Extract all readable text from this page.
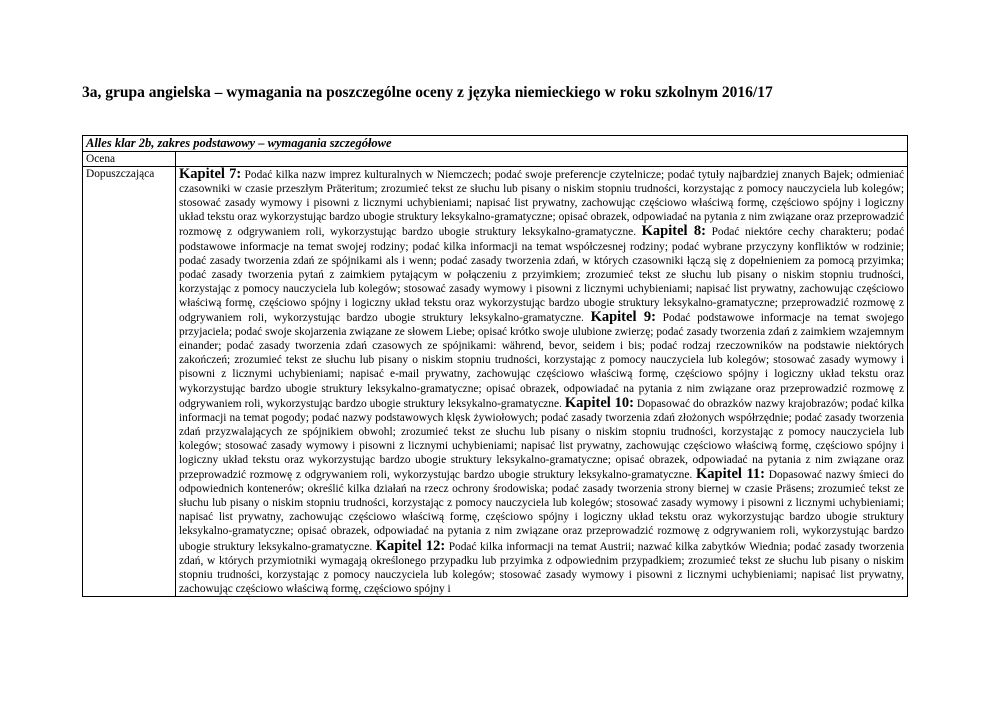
3a, grupa angielska – wymagania na poszczególne oceny z języka niemieckiego w roku szkolnym 2016/17
Alles klar 2b, zakres podstawowy – wymagania szczegółowe	
Ocena	
Dopuszczająca	Kapitel 7: Podać kilka nazw imprez kulturalnych w Niemczech; podać swoje preferencje czytelnicze; podać tytuły najbardziej znanych Bajek; odmieniać czasowniki w czasie przeszłym Präteritum; zrozumieć tekst ze słuchu lub pisany o niskim stopniu trudności, korzystając z pomocy nauczyciela lub kolegów; stosować zasady wymowy i pisowni z licznymi uchybieniami; napisać list prywatny, zachowując częściowo właściwą formę, częściowo spójny i logiczny układ tekstu oraz wykorzystując bardzo ubogie struktury leksykalno-gramatyczne; opisać obrazek, odpowiadać na pytania z nim związane oraz przeprowadzić rozmowę z odgrywaniem roli, wykorzystując bardzo ubogie struktury leksykalno-gramatyczne. Kapitel 8: Podać niektóre cechy charakteru; podać podstawowe informacje na temat swojej rodziny; podać kilka informacji na temat współczesnej rodziny; podać wybrane przyczyny konfliktów w rodzinie; podać zasady tworzenia zdań ze spójnikami als i wenn; podać zasady tworzenia zdań, w których czasowniki łączą się z dopełnieniem za pomocą przyimka; podać zasady tworzenia pytań z zaimkiem pytającym w połączeniu z przyimkiem; zrozumieć tekst ze słuchu lub pisany o niskim stopniu trudności, korzystając z pomocy nauczyciela lub kolegów; stosować zasady wymowy i pisowni z licznymi uchybieniami; napisać list prywatny, zachowując częściowo właściwą formę, częściowo spójny i logiczny układ tekstu oraz wykorzystując bardzo ubogie struktury leksykalno-gramatyczne; przeprowadzić rozmowę z odgrywaniem roli, wykorzystując bardzo ubogie struktury leksykalno-gramatyczne. Kapitel 9: Podać podstawowe informacje na temat swojego przyjaciela; podać swoje skojarzenia związane ze słowem Liebe; opisać krótko swoje ulubione zwierzę; podać zasady tworzenia zdań z zaimkiem wzajemnym einander; podać zasady tworzenia zdań czasowych ze spójnikami: während, bevor, seidem i bis; podać rodzaj rzeczowników na podstawie niektórych zakończeń; zrozumieć tekst ze słuchu lub pisany o niskim stopniu trudności, korzystając z pomocy nauczyciela lub kolegów; stosować zasady wymowy i pisowni z licznymi uchybieniami; napisać e-mail prywatny, zachowując częściowo właściwą formę, częściowo spójny i logiczny układ tekstu oraz wykorzystując bardzo ubogie struktury leksykalno-gramatyczne; opisać obrazek, odpowiadać na pytania z nim związane oraz przeprowadzić rozmowę z odgrywaniem roli, wykorzystując bardzo ubogie struktury leksykalno-gramatyczne. Kapitel 10: Dopasować do obrazków nazwy krajobrazów; podać kilka informacji na temat pogody; podać nazwy podstawowych klęsk żywiołowych; podać zasady tworzenia zdań złożonych współrzędnie; podać zasady tworzenia zdań przyzwalających ze spójnikiem obwohl; zrozumieć tekst ze słuchu lub pisany o niskim stopniu trudności, korzystając z pomocy nauczyciela lub kolegów; stosować zasady wymowy i pisowni z licznymi uchybieniami; napisać list prywatny, zachowując częściowo właściwą formę, częściowo spójny i logiczny układ tekstu oraz wykorzystując bardzo ubogie struktury leksykalno-gramatyczne; opisać obrazek, odpowiadać na pytania z nim związane oraz przeprowadzić rozmowę z odgrywaniem roli, wykorzystując bardzo ubogie struktury leksykalno-gramatyczne. Kapitel 11: Dopasować nazwy śmieci do odpowiednich kontenerów; określić kilka działań na rzecz ochrony środowiska; podać zasady tworzenia strony biernej w czasie Präsens; zrozumieć tekst ze słuchu lub pisany o niskim stopniu trudności, korzystając z pomocy nauczyciela lub kolegów; stosować zasady wymowy i pisowni z licznymi uchybieniami; napisać list prywatny, zachowując częściowo właściwą formę, częściowo spójny i logiczny układ tekstu oraz wykorzystując bardzo ubogie struktury leksykalno-gramatyczne; opisać obrazek, odpowiadać na pytania z nim związane oraz przeprowadzić rozmowę z odgrywaniem roli, wykorzystując bardzo ubogie struktury leksykalno-gramatyczne. Kapitel 12: Podać kilka informacji na temat Austrii; nazwać kilka zabytków Wiednia; podać zasady tworzenia zdań, w których przymiotniki wymagają określonego przypadku lub przyimka z odpowiednim przypadkiem; zrozumieć tekst ze słuchu lub pisany o niskim stopniu trudności, korzystając z pomocy nauczyciela lub kolegów; stosować zasady wymowy i pisowni z licznymi uchybieniami; napisać list prywatny, zachowując częściowo właściwą formę, częściowo spójny i
